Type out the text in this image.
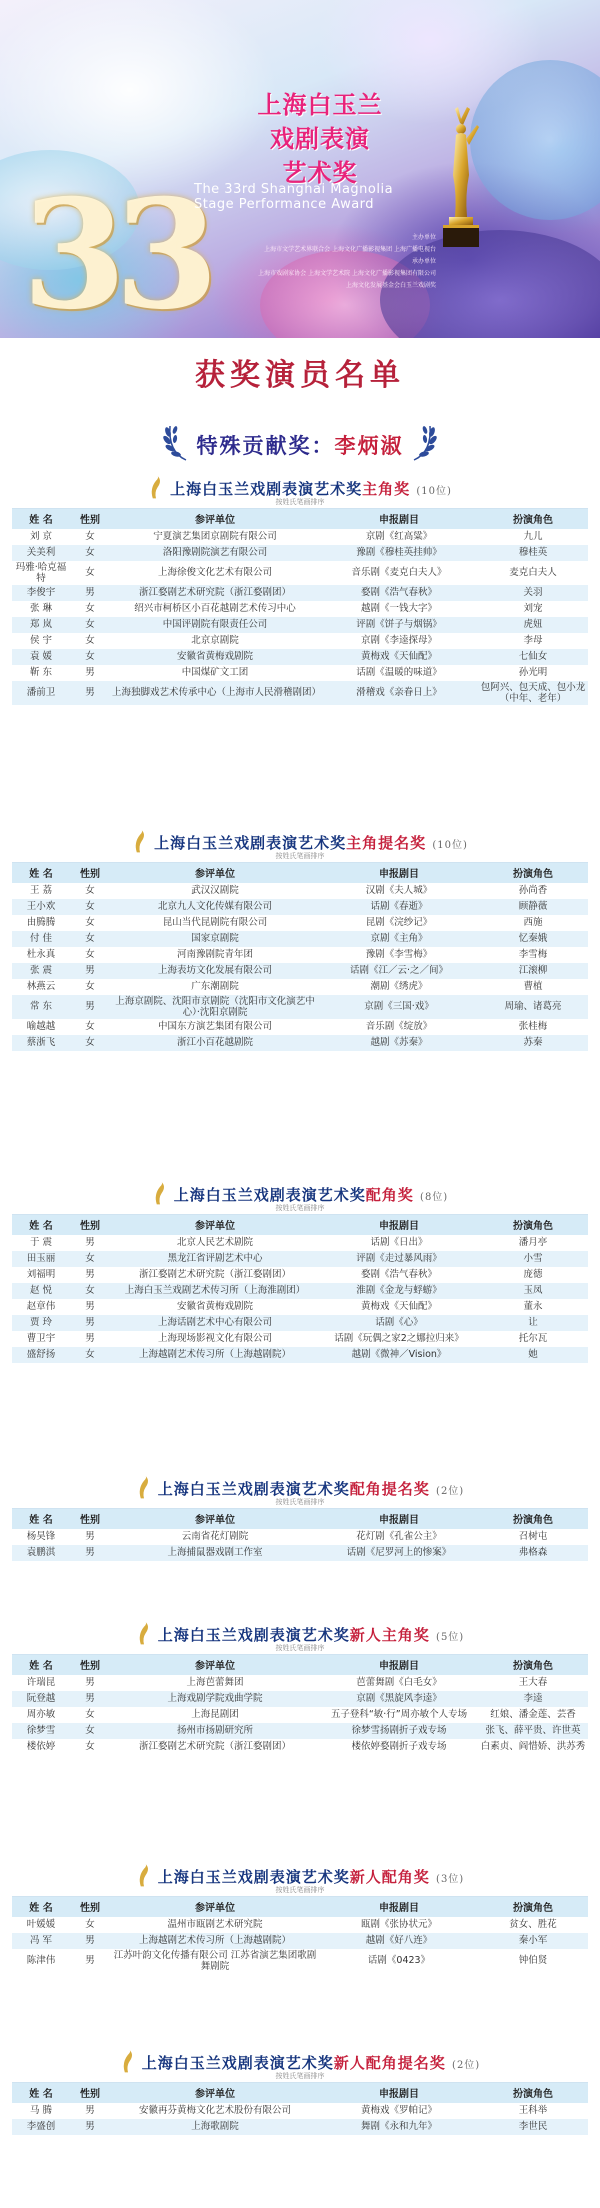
33
上海白玉兰
戏剧表演
艺术奖
The 33rd Shanghai Magnolia
Stage Performance Award
主办单位
上海市文学艺术界联合会 上海文化广播影视集团 上海广播电视台
承办单位
上海市戏剧家协会 上海文学艺术院 上海文化广播影视集团有限公司
上海文化发展基金会白玉兰戏剧奖
获奖演员名单
特殊贡献奖：李炳淑
上海白玉兰戏剧表演艺术奖主角奖 (10位)
按姓氏笔画排序
姓 名	性别	参评单位	申报剧目	扮演角色
刘 京	女	宁夏演艺集团京剧院有限公司	京剧《红高粱》	九儿
关美利	女	洛阳豫剧院演艺有限公司	豫剧《穆桂英挂帅》	穆桂英
玛雅·哈克福特	女	上海徐俊文化艺术有限公司	音乐剧《麦克白夫人》	麦克白夫人
李俊宇	男	浙江婺剧艺术研究院（浙江婺剧团）	婺剧《浩气春秋》	关羽
张 琳	女	绍兴市柯桥区小百花越剧艺术传习中心	越剧《一钱大字》	刘宠
郑 岚	女	中国评剧院有限责任公司	评剧《饼子与烟锅》	虎妞
侯 宇	女	北京京剧院	京剧《李逵探母》	李母
袁 媛	女	安徽省黄梅戏剧院	黄梅戏《天仙配》	七仙女
靳 东	男	中国煤矿文工团	话剧《温暖的味道》	孙光明
潘前卫	男	上海独脚戏艺术传承中心（上海市人民滑稽剧团）	滑稽戏《亲眷日上》	包阿兴、包天成、包小龙（中年、老年）
上海白玉兰戏剧表演艺术奖主角提名奖 (10位)
按姓氏笔画排序
姓 名	性别	参评单位	申报剧目	扮演角色
王 荔	女	武汉汉剧院	汉剧《夫人城》	孙尚香
王小欢	女	北京九人文化传媒有限公司	话剧《春逝》	顾静薇
由腾腾	女	昆山当代昆剧院有限公司	昆剧《浣纱记》	西施
付 佳	女	国家京剧院	京剧《主角》	忆秦娥
杜永真	女	河南豫剧院青年团	豫剧《李雪梅》	李雪梅
张 震	男	上海表坊文化发展有限公司	话剧《江／云·之／间》	江滚柳
林燕云	女	广东潮剧院	潮剧《绣虎》	曹植
常 东	男	上海京剧院、沈阳市京剧院（沈阳市文化演艺中心）·沈阳京剧院	京剧《三国·戏》	周瑜、诸葛亮
喻越越	女	中国东方演艺集团有限公司	音乐剧《绽放》	张桂梅
蔡浙飞	女	浙江小百花越剧院	越剧《苏秦》	苏秦
上海白玉兰戏剧表演艺术奖配角奖 (8位)
按姓氏笔画排序
姓 名	性别	参评单位	申报剧目	扮演角色
于 震	男	北京人民艺术剧院	话剧《日出》	潘月亭
田玉丽	女	黑龙江省评剧艺术中心	评剧《走过暴风雨》	小雪
刘福明	男	浙江婺剧艺术研究院（浙江婺剧团）	婺剧《浩气春秋》	庞德
赵 悦	女	上海白玉兰戏剧艺术传习所（上海淮剧团）	淮剧《金龙与蜉蝣》	玉凤
赵章伟	男	安徽省黄梅戏剧院	黄梅戏《天仙配》	董永
贾 玲	男	上海话剧艺术中心有限公司	话剧《心》	让
曹卫宇	男	上海现场影视文化有限公司	话剧《玩偶之家2之娜拉归来》	托尔瓦
盛舒扬	女	上海越剧艺术传习所（上海越剧院）	越剧《微神／Vision》	她
上海白玉兰戏剧表演艺术奖配角提名奖 (2位)
按姓氏笔画排序
姓 名	性别	参评单位	申报剧目	扮演角色
杨昊锋	男	云南省花灯剧院	花灯剧《孔雀公主》	召树屯
袁鹏淇	男	上海捕鼠器戏剧工作室	话剧《尼罗河上的惨案》	弗格森
上海白玉兰戏剧表演艺术奖新人主角奖 (5位)
按姓氏笔画排序
姓 名	性别	参评单位	申报剧目	扮演角色
许瑞昆	男	上海芭蕾舞团	芭蕾舞剧《白毛女》	王大春
阮登越	男	上海戏剧学院戏曲学院	京剧《黑旋风李逵》	李逵
周亦敏	女	上海昆剧团	五子登科“敏·行”周亦敏个人专场	红娘、潘金莲、芸香
徐梦雪	女	扬州市扬剧研究所	徐梦雪扬剧折子戏专场	张飞、薛平贵、许世英
楼依婷	女	浙江婺剧艺术研究院（浙江婺剧团）	楼依婷婺剧折子戏专场	白素贞、阎惜娇、洪苏秀
上海白玉兰戏剧表演艺术奖新人配角奖 (3位)
按姓氏笔画排序
姓 名	性别	参评单位	申报剧目	扮演角色
叶媛媛	女	温州市瓯剧艺术研究院	瓯剧《张协状元》	贫女、胜花
冯 军	男	上海越剧艺术传习所（上海越剧院）	越剧《好八连》	秦小军
陈津伟	男	江苏叶韵文化传播有限公司 江苏省演艺集团歌剧舞剧院	话剧《0423》	钟伯贤
上海白玉兰戏剧表演艺术奖新人配角提名奖 (2位)
按姓氏笔画排序
姓 名	性别	参评单位	申报剧目	扮演角色
马 腾	男	安徽再芬黄梅文化艺术股份有限公司	黄梅戏《罗帕记》	王科举
李盛创	男	上海歌剧院	舞剧《永和九年》	李世民
